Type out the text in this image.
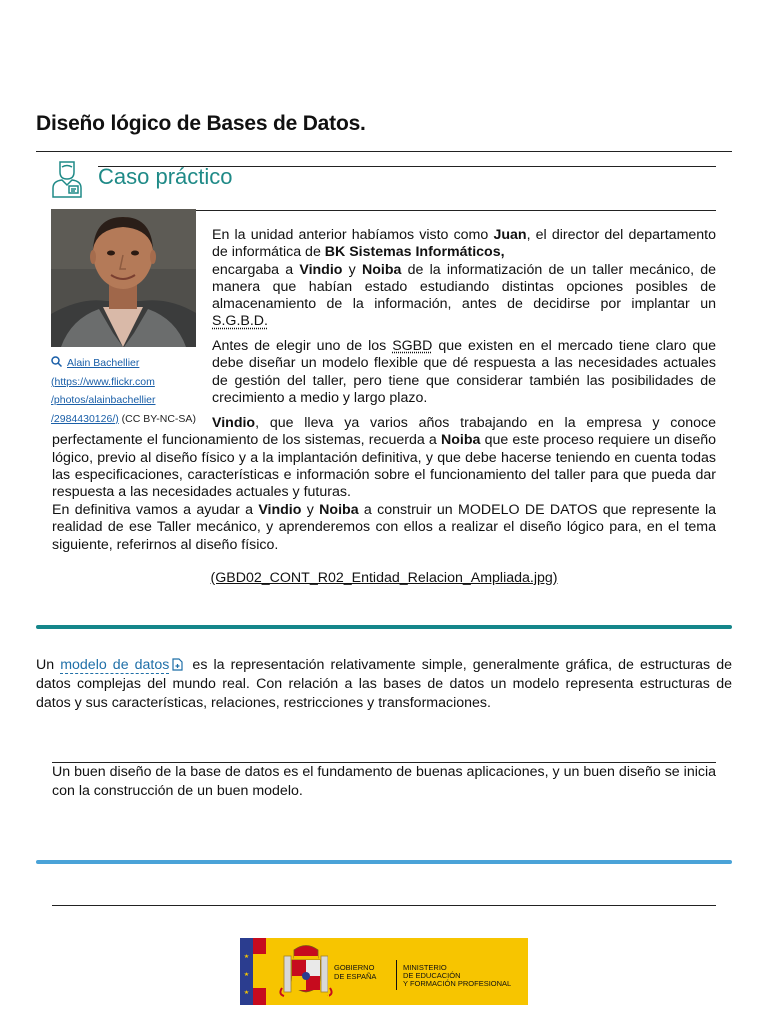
Diseño lógico de Bases de Datos.
Caso práctico
Alain Bachellier
(https://www.flickr.com
/photos/alainbachellier
/2984430126/) (CC BY-NC-SA)

En la unidad anterior habíamos visto como Juan, el director del departamento de informática de BK Sistemas Informáticos,
encargaba a Vindio y Noiba de la informatización de un taller mecánico, de manera que habían estado estudiando distintas opciones posibles de almacenamiento de la información, antes de decidirse por implantar un S.G.B.D.

Antes de elegir uno de los SGBD que existen en el mercado tiene claro que debe diseñar un modelo flexible que dé respuesta a las necesidades actuales de gestión del taller, pero tiene que considerar también las posibilidades de crecimiento a medio y largo plazo.

Vindio, que lleva ya varios años trabajando en la empresa y conoce perfectamente el funcionamiento de los sistemas, recuerda a Noiba que este proceso requiere un diseño lógico, previo al diseño físico y a la implantación definitiva, y que debe hacerse teniendo en cuenta todas las especificaciones, características e información sobre el funcionamiento del taller para que pueda dar respuesta a las necesidades actuales y futuras.

En definitiva vamos a ayudar a Vindio y Noiba a construir un MODELO DE DATOS que represente la realidad de ese Taller mecánico, y aprenderemos con ellos a realizar el diseño lógico para, en el tema siguiente, referirnos al diseño físico.

(GBD02_CONT_R02_Entidad_Relacion_Ampliada.jpg)

Un modelo de datos es la representación relativamente simple, generalmente gráfica, de estructuras de datos complejas del mundo real. Con relación a las bases de datos un modelo representa estructuras de datos y sus características, relaciones, restricciones y transformaciones.

Un buen diseño de la base de datos es el fundamento de buenas aplicaciones, y un buen diseño se inicia con la construcción de un buen modelo.

GOBIERNO
DE ESPAÑA
MINISTERIO
DE EDUCACIÓN
Y FORMACIÓN PROFESIONAL
